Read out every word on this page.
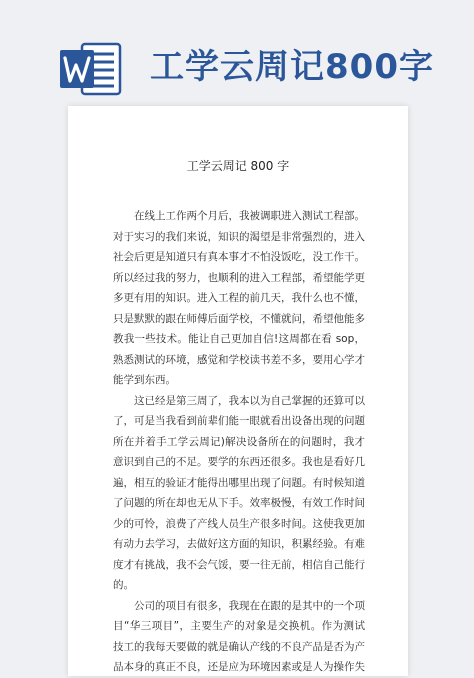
工学云周记800字
工学云周记 800 字

在线上工作两个月后，我被调职进入测试工程部。对于实习的我们来说，知识的渴望是非常强烈的，进入社会后更是知道只有真本事才不怕没饭吃，没工作干。所以经过我的努力，也顺利的进入工程部，希望能学更多更有用的知识。进入工程的前几天，我什么也不懂，只是默默的跟在师傅后面学校，不懂就问，希望他能多教我一些技术。能让自己更加自信!这周都在看 sop，熟悉测试的环境，感觉和学校读书差不多，要用心学才能学到东西。

这已经是第三周了，我本以为自己掌握的还算可以了，可是当我看到前辈们能一眼就看出设备出现的问题所在并着手工学云周记)解决设备所在的问题时，我才意识到自己的不足。要学的东西还很多。我也是看好几遍，相互的验证才能得出哪里出现了问题。有时候知道了问题的所在却也无从下手。效率极慢，有效工作时间少的可怜，浪费了产线人员生产很多时间。这使我更加有动力去学习，去做好这方面的知识，积累经验。有难度才有挑战，我不会气馁，要一往无前，相信自己能行的。

公司的项目有很多，我现在在跟的是其中的一个项目“华三项目”，主要生产的对象是交换机。作为测试技工的我每天要做的就是确认产线的不良产品是否为产品本身的真正不良，还是应为环境因素或是人为操作失
